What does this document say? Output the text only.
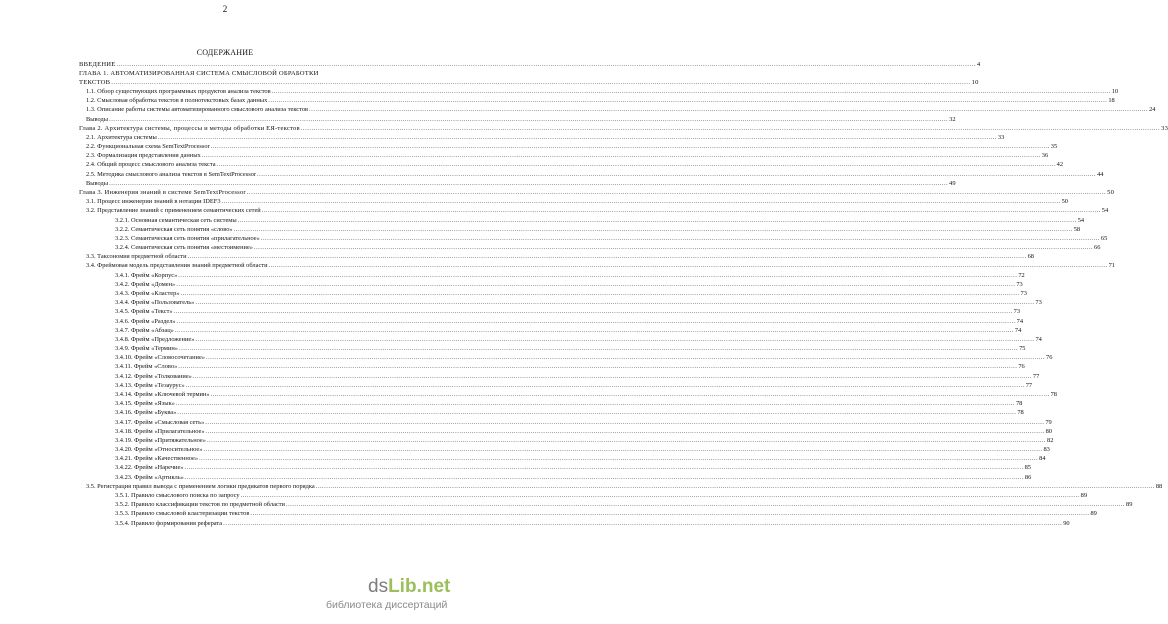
2
СОДЕРЖАНИЕ
ВВЕДЕНИЕ ................................................................................................................................................................................................................................................................................................................................................................................................................ 4
ГЛАВА 1. АВТОМАТИЗИРОВАННАЯ СИСТЕМА СМЫСЛОВОЙ ОБРАБОТКИ
ТЕКСТОВ ................................................................................................................................................................................................................................................................................................................................................................................................................ 10
1.1. Обзор существующих программных продуктов анализа текстов ................................................................................................................................................................................................................................................................................................................................................................................................................ 10
1.2. Смысловая обработка текстов в полнотекстовых базах данных ................................................................................................................................................................................................................................................................................................................................................................................................................ 18
1.3. Описание работы системы автоматизированного смыслового анализа текстов ................................................................................................................................................................................................................................................................................................................................................................................................................ 24
Выводы ................................................................................................................................................................................................................................................................................................................................................................................................................ 32
Глава 2. Архитектура системы, процессы и методы обработки ЕЯ-текстов ................................................................................................................................................................................................................................................................................................................................................................................................................ 33
2.1. Архитектура системы ................................................................................................................................................................................................................................................................................................................................................................................................................ 33
2.2. Функциональная схема SemTextProcessor ................................................................................................................................................................................................................................................................................................................................................................................................................ 35
2.3. Формализация представления данных ................................................................................................................................................................................................................................................................................................................................................................................................................ 36
2.4. Общий процесс смыслового анализа текста ................................................................................................................................................................................................................................................................................................................................................................................................................ 42
2.5. Методика смыслового анализа текстов в SemTextProcessor ................................................................................................................................................................................................................................................................................................................................................................................................................ 44
Выводы ................................................................................................................................................................................................................................................................................................................................................................................................................ 49
Глава 3. Инженерия знаний в системе SemTextProcessor ................................................................................................................................................................................................................................................................................................................................................................................................................ 50
3.1. Процесс инженерии знаний в нотации IDEF3 ................................................................................................................................................................................................................................................................................................................................................................................................................ 50
3.2. Представление знаний с применением семантических сетей ................................................................................................................................................................................................................................................................................................................................................................................................................ 54
3.2.1. Основная семантическая сеть системы ................................................................................................................................................................................................................................................................................................................................................................................................................ 54
3.2.2. Семантическая сеть понятия «слово» ................................................................................................................................................................................................................................................................................................................................................................................................................ 58
3.2.3. Семантическая сеть понятия «прилагательное» ................................................................................................................................................................................................................................................................................................................................................................................................................ 65
3.2.4. Семантическая сеть понятия «местоимение» ................................................................................................................................................................................................................................................................................................................................................................................................................ 66
3.3. Таксономия предметной области ................................................................................................................................................................................................................................................................................................................................................................................................................ 68
3.4. Фреймовая модель представления знаний предметной области ................................................................................................................................................................................................................................................................................................................................................................................................................ 71
3.4.1. Фрейм «Корпус» ................................................................................................................................................................................................................................................................................................................................................................................................................ 72
3.4.2. Фрейм «Домен» ................................................................................................................................................................................................................................................................................................................................................................................................................ 73
3.4.3. Фрейм «Кластер» ................................................................................................................................................................................................................................................................................................................................................................................................................ 73
3.4.4. Фрейм «Пользователь» ................................................................................................................................................................................................................................................................................................................................................................................................................ 73
3.4.5. Фрейм «Текст» ................................................................................................................................................................................................................................................................................................................................................................................................................ 73
3.4.6. Фрейм «Раздел» ................................................................................................................................................................................................................................................................................................................................................................................................................ 74
3.4.7. Фрейм «Абзац» ................................................................................................................................................................................................................................................................................................................................................................................................................ 74
3.4.8. Фрейм «Предложение» ................................................................................................................................................................................................................................................................................................................................................................................................................ 74
3.4.9. Фрейм «Термин» ................................................................................................................................................................................................................................................................................................................................................................................................................ 75
3.4.10. Фрейм «Словосочетание» ................................................................................................................................................................................................................................................................................................................................................................................................................ 76
3.4.11. Фрейм «Слово» ................................................................................................................................................................................................................................................................................................................................................................................................................ 76
3.4.12. Фрейм «Толкование» ................................................................................................................................................................................................................................................................................................................................................................................................................ 77
3.4.13. Фрейм «Тезаурус» ................................................................................................................................................................................................................................................................................................................................................................................................................ 77
3.4.14. Фрейм «Ключевой термин» ................................................................................................................................................................................................................................................................................................................................................................................................................ 78
3.4.15. Фрейм «Язык» ................................................................................................................................................................................................................................................................................................................................................................................................................ 78
3.4.16. Фрейм «Буква» ................................................................................................................................................................................................................................................................................................................................................................................................................ 78
3.4.17. Фрейм «Смысловая сеть» ................................................................................................................................................................................................................................................................................................................................................................................................................ 79
3.4.18. Фрейм «Прилагательное» ................................................................................................................................................................................................................................................................................................................................................................................................................ 80
3.4.19. Фрейм «Притяжательное» ................................................................................................................................................................................................................................................................................................................................................................................................................ 82
3.4.20. Фрейм «Относительное» ................................................................................................................................................................................................................................................................................................................................................................................................................ 83
3.4.21. Фрейм «Качественное» ................................................................................................................................................................................................................................................................................................................................................................................................................ 84
3.4.22. Фрейм «Наречие» ................................................................................................................................................................................................................................................................................................................................................................................................................ 85
3.4.23. Фрейм «Артикль» ................................................................................................................................................................................................................................................................................................................................................................................................................ 86
3.5. Регистрация правил вывода с применением логики предикатов первого порядка ................................................................................................................................................................................................................................................................................................................................................................................................................ 88
3.5.1. Правило смыслового поиска по запросу ................................................................................................................................................................................................................................................................................................................................................................................................................ 89
3.5.2. Правило классификации текстов по предметной области ................................................................................................................................................................................................................................................................................................................................................................................................................ 89
3.5.3. Правило смысловой кластеризации текстов ................................................................................................................................................................................................................................................................................................................................................................................................................ 89
3.5.4. Правило формирования реферата ................................................................................................................................................................................................................................................................................................................................................................................................................ 90
dsLib.net
библиотека диссертаций
